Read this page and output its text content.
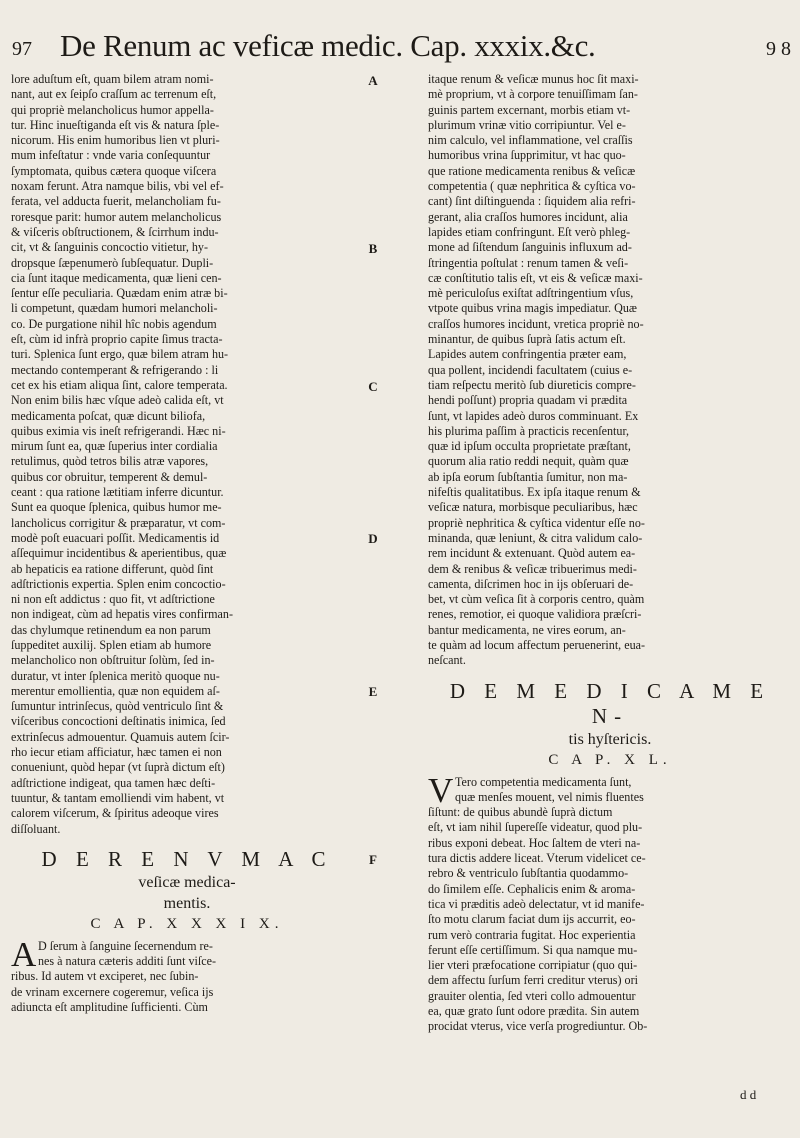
97 De Renum ac veficæ medic. Cap. xxxix.&c.	9 8
A
B
C
D
E
F
lore aduſtum eſt, quam bilem atram nomi-
nant, aut ex ſeipſo craſſum ac terrenum eſt,
qui propriè melancholicus humor appella-
tur. Hinc inueſtiganda eſt vis & natura ſple-
nicorum. His enim humoribus lien vt pluri-
mum infeſtatur : vnde varia conſequuntur
ſymptomata, quibus cætera quoque viſcera
noxam ferunt. Atra namque bilis, vbi vel ef-
ferata, vel adducta fuerit, melancholiam fu-
roresque parit: humor autem melancholicus
& viſceris obſtructionem, & ſcirrhum indu-
cit, vt & ſanguinis concoctio vitietur, hy-
dropsque ſæpenumerò ſubſequatur. Dupli-
cia ſunt itaque medicamenta, quæ lieni cen-
ſentur eſſe peculiaria. Quædam enim atræ bi-
li competunt, quædam humori melancholi-
co. De purgatione nihil hîc nobis agendum
eſt, cùm id infrà proprio capite ſimus tracta-
turi. Splenica ſunt ergo, quæ bilem atram hu-
mectando contemperant & refrigerando : li
cet ex his etiam aliqua ſint, calore temperata.
Non enim bilis hæc vſque adeò calida eſt, vt
medicamenta poſcat, quæ dicunt biliofa,
quibus eximia vis ineſt refrigerandi. Hæc ni-
mirum ſunt ea, quæ ſuperius inter cordialia
retulimus, quòd tetros bilis atræ vapores,
quibus cor obruitur, temperent & demul-
ceant : qua ratione lætitiam inferre dicuntur.
Sunt ea quoque ſplenica, quibus humor me-
lancholicus corrigitur & præparatur, vt com-
modè poſt euacuari poſſit. Medicamentis id
aſſequimur incidentibus & aperientibus, quæ
ab hepaticis ea ratione differunt, quòd ſint
adſtrictionis expertia. Splen enim concoctio-
ni non eſt addictus : quo fit, vt adſtrictione
non indigeat, cùm ad hepatis vires confirman-
das chylumque retinendum ea non parum
ſuppeditet auxilij. Splen etiam ab humore
melancholico non obſtruitur ſolùm, ſed in-
duratur, vt inter ſplenica meritò quoque nu-
merentur emollientia, quæ non equidem aſ-
ſumuntur intrinſecus, quòd ventriculo ſint &
viſceribus concoctioni deſtinatis inimica, ſed
extrinſecus admouentur. Quamuis autem ſcir-
rho iecur etiam afficiatur, hæc tamen ei non
conueniunt, quòd hepar (vt ſuprà dictum eſt)
adſtrictione indigeat, qua tamen hæc deſti-
tuuntur, & tantam emolliendi vim habent, vt
calorem viſcerum, & ſpiritus adeoque vires
diſſoluant.
D E R E N V M A C
veſicæ medica-
mentis.
C A P. X X X I X.
A D ſerum à ſanguine ſecernendum re-
nes à natura cæteris additi ſunt viſce-
ribus. Id autem vt exciperet, nec ſubin-
de vrinam excernere cogeremur, veſica ijs
adiuncta eſt amplitudine ſufficienti. Cùm
itaque renum & veſicæ munus hoc ſit maxi-
mè proprium, vt à corpore tenuiſſimam ſan-
guinis partem excernant, morbis etiam vt-
plurimum vrinæ vitio corripiuntur. Vel e-
nim calculo, vel inflammatione, vel craſſis
humoribus vrina ſupprimitur, vt hac quo-
que ratione medicamenta renibus & veſicæ
competentia ( quæ nephritica & cyſtica vo-
cant) ſint diſtinguenda : ſiquidem alia refri-
gerant, alia craſſos humores incidunt, alia
lapides etiam confringunt. Eſt verò phleg-
mone ad ſiſtendum ſanguinis influxum ad-
ſtringentia poſtulat : renum tamen & veſi-
cæ conſtitutio talis eſt, vt eis & veſicæ maxi-
mè periculoſus exiſtat adſtringentium vſus,
vtpote quibus vrina magis impediatur. Quæ
craſſos humores incidunt, vretica propriè no-
minantur, de quibus ſuprà ſatis actum eſt.
Lapides autem confringentia præter eam,
qua pollent, incidendi facultatem (cuius e-
tiam reſpectu meritò ſub diureticis compre-
hendi poſſunt) propria quadam vi prædita
ſunt, vt lapides adeò duros comminuant. Ex
his plurima paſſim à practicis recenſentur,
quæ id ipſum occulta proprietate præſtant,
quorum alia ratio reddi nequit, quàm quæ
ab ipſa eorum ſubſtantia ſumitur, non ma-
nifeſtis qualitatibus. Ex ipſa itaque renum &
veſicæ natura, morbisque peculiaribus, hæc
propriè nephritica & cyſtica videntur eſſe no-
minanda, quæ leniunt, & citra validum calo-
rem incidunt & extenuant. Quòd autem ea-
dem & renibus & veſicæ tribuerimus medi-
camenta, diſcrimen hoc in ijs obſeruari de-
bet, vt cùm veſica ſit à corporis centro, quàm
renes, remotior, ei quoque validiora præſcri-
bantur medicamenta, ne vires eorum, an-
te quàm ad locum affectum peruenerint, eua-
neſcant.
D E M E D I C A M E N-
tis hyſtericis.
C A P. X L.
V Tero competentia medicamenta ſunt,
quæ menſes mouent, vel nimis fluentes
ſiſtunt: de quibus abundè ſuprà dictum
eſt, vt iam nihil ſupereſſe videatur, quod plu-
ribus exponi debeat. Hoc ſaltem de vteri na-
tura dictis addere liceat. Vterum videlicet ce-
rebro & ventriculo ſubſtantia quodammo-
do ſimilem eſſe. Cephalicis enim & aroma-
tica vi præditis adeò delectatur, vt id manife-
ſto motu clarum faciat dum ijs accurrit, eo-
rum verò contraria fugitat. Hoc experientia
ferunt eſſe certiſſimum. Si qua namque mu-
lier vteri præfocatione corripiatur (quo qui-
dem affectu ſurſum ferri creditur vterus) ori
grauiter olentia, ſed vteri collo admouentur
ea, quæ grato ſunt odore prædita. Sin autem
procidat vterus, vice verſa progrediuntur. Ob-
d d
